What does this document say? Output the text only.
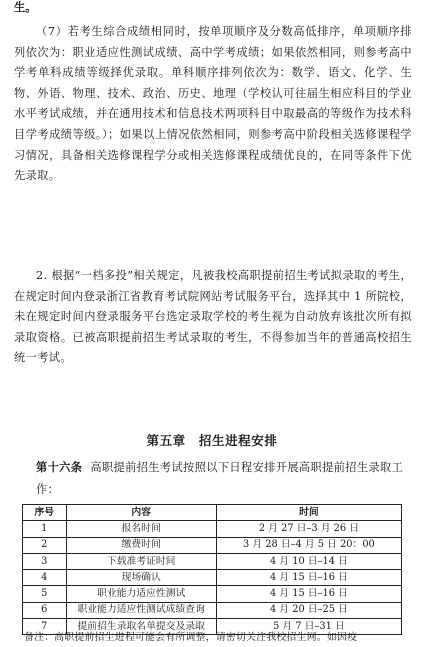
生。
（7）若考生综合成绩相同时，按单项顺序及分数高低排序，单项顺序排列依次为：职业适应性测试成绩、高中学考成绩；如果依然相同，则参考高中学考单科成绩等级择优录取。单科顺序排列依次为：数学、语文、化学、生物、外语、物理、技术、政治、历史、地理（学校认可往届生相应科目的学业水平考试成绩，并在通用技术和信息技术两项科目中取最高的等级作为技术科目学考成绩等级。）；如果以上情况依然相同，则参考高中阶段相关选修课程学习情况，具备相关选修课程学分或相关选修课程成绩优良的，在同等条件下优先录取。
2. 根据“一档多投”相关规定，凡被我校高职提前招生考试拟录取的考生，在规定时间内登录浙江省教育考试院网站考试服务平台，选择其中 1 所院校，未在规定时间内登录服务平台选定录取学校的考生视为自动放弃该批次所有拟录取资格。已被高职提前招生考试录取的考生，不得参加当年的普通高校招生统一考试。
第五章　招生进程安排
第十六条 高职提前招生考试按照以下日程安排开展高职提前招生录取工作：
序号	内容	时间
1	报名时间	2 月 27 日–3 月 26 日
2	缴费时间	3 月 28 日–4 月 5 日 20：00
3	下载准考证时间	4 月 10 日–14 日
4	现场确认	4 月 15 日–16 日
5	职业能力适应性测试	4 月 15 日–16 日
6	职业能力适应性测试成绩查询	4 月 20 日–25 日
7	提前招生录取名单提交及录取	5 月 7 日–31 日
备注：高职提前招生进程可能会有所调整，请密切关注我校招生网。如因疫
